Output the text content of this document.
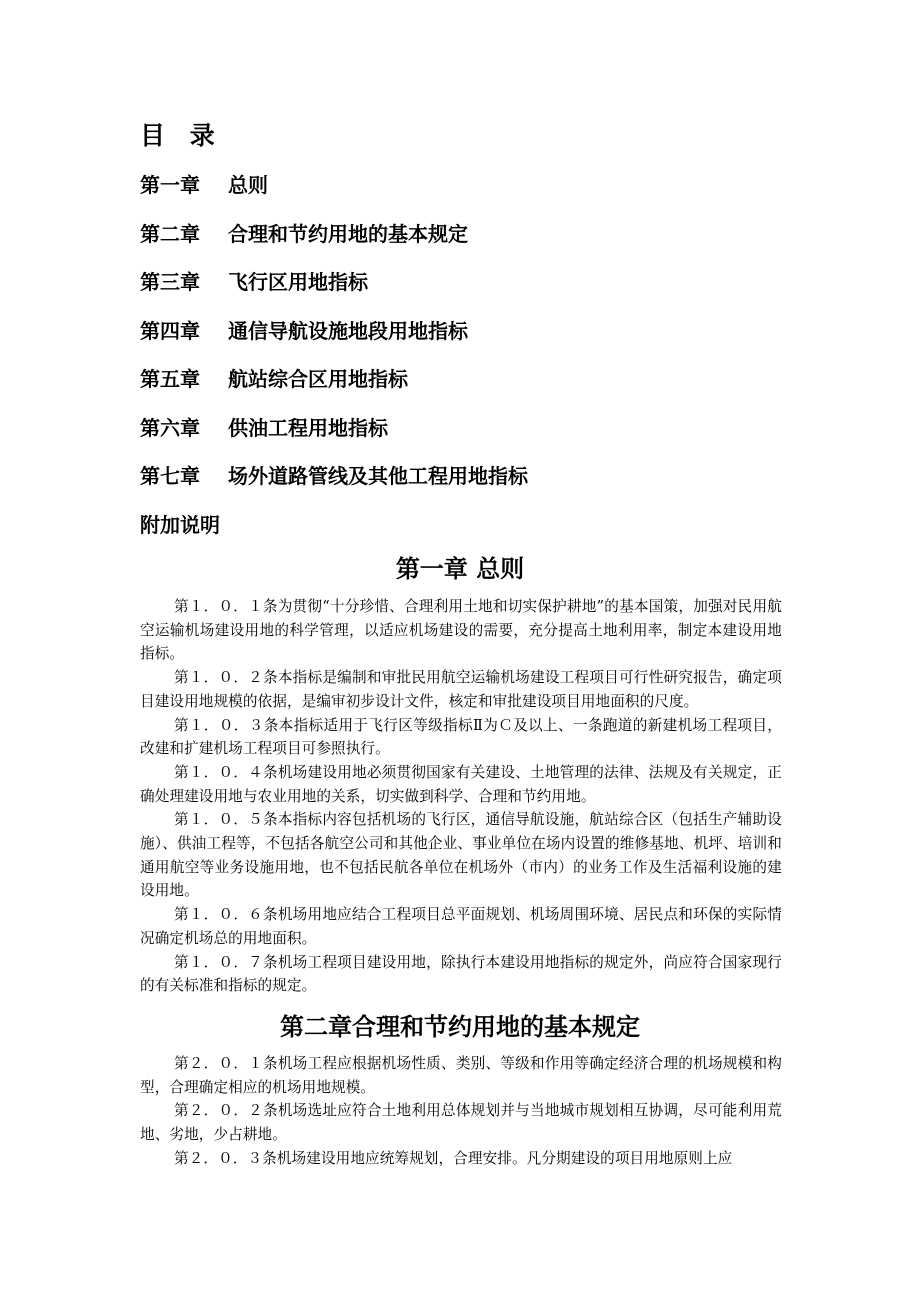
目 录
第一章 总则
第二章 合理和节约用地的基本规定
第三章 飞行区用地指标
第四章 通信导航设施地段用地指标
第五章 航站综合区用地指标
第六章 供油工程用地指标
第七章 场外道路管线及其他工程用地指标
附加说明
第一章 总则

第１．０．１条为贯彻“十分珍惜、合理利用土地和切实保护耕地”的基本国策，加强对民用航空运输机场建设用地的科学管理，以适应机场建设的需要，充分提高土地利用率，制定本建设用地指标。

第１．０．２条本指标是编制和审批民用航空运输机场建设工程项目可行性研究报告，确定项目建设用地规模的依据，是编审初步设计文件，核定和审批建设项目用地面积的尺度。

第１．０．３条本指标适用于飞行区等级指标Ⅱ为Ｃ及以上、一条跑道的新建机场工程项目，改建和扩建机场工程项目可参照执行。

第１．０．４条机场建设用地必须贯彻国家有关建设、土地管理的法律、法规及有关规定，正确处理建设用地与农业用地的关系，切实做到科学、合理和节约用地。

第１．０．５条本指标内容包括机场的飞行区，通信导航设施，航站综合区（包括生产辅助设施）、供油工程等，不包括各航空公司和其他企业、事业单位在场内设置的维修基地、机坪、培训和通用航空等业务设施用地，也不包括民航各单位在机场外（市内）的业务工作及生活福利设施的建设用地。

第１．０．６条机场用地应结合工程项目总平面规划、机场周围环境、居民点和环保的实际情况确定机场总的用地面积。

第１．０．７条机场工程项目建设用地，除执行本建设用地指标的规定外，尚应符合国家现行的有关标准和指标的规定。

第二章合理和节约用地的基本规定

第２．０．１条机场工程应根据机场性质、类别、等级和作用等确定经济合理的机场规模和构型，合理确定相应的机场用地规模。

第２．０．２条机场选址应符合土地利用总体规划并与当地城市规划相互协调，尽可能利用荒地、劣地，少占耕地。

第２．０．３条机场建设用地应统筹规划，合理安排。凡分期建设的项目用地原则上应
